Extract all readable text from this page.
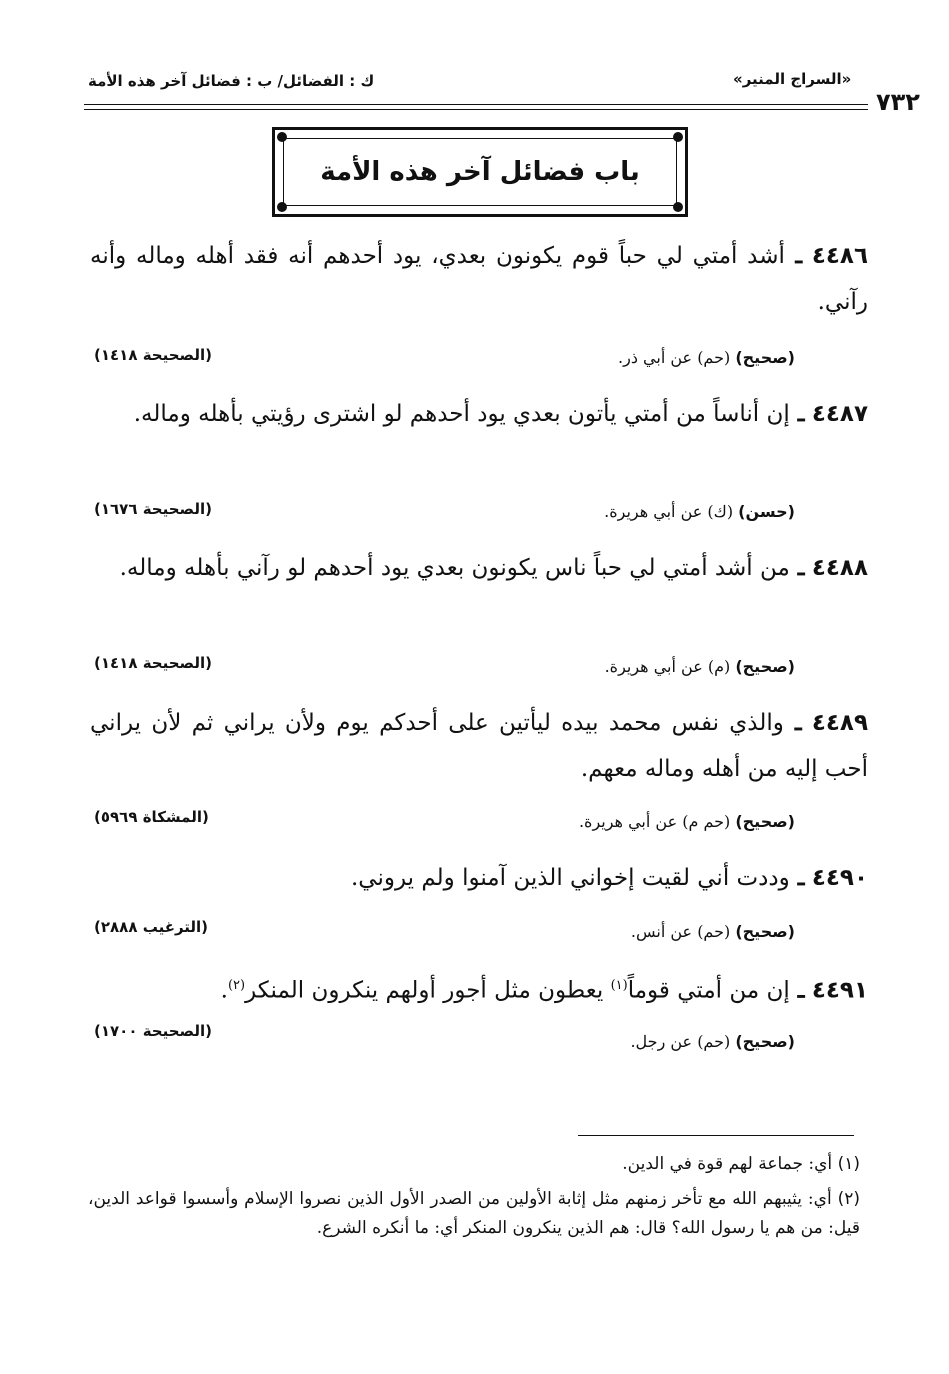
ك : الفضائل/ ب : فضائل آخر هذه الأمة	«السراج المنير»
٧٣٢
باب فضائل آخر هذه الأمة
٤٤٨٦ ـ أشد أمتي لي حباً قوم يكونون بعدي، يود أحدهم أنه فقد أهله وماله وأنه رآني.
(صحيح) (حم) عن أبي ذر.
(الصحيحة ١٤١٨)
٤٤٨٧ ـ إن أناساً من أمتي يأتون بعدي يود أحدهم لو اشترى رؤيتي بأهله وماله.
(حسن) (ك) عن أبي هريرة.
(الصحيحة ١٦٧٦)
٤٤٨٨ ـ من أشد أمتي لي حباً ناس يكونون بعدي يود أحدهم لو رآني بأهله وماله.
(صحيح) (م) عن أبي هريرة.
(الصحيحة ١٤١٨)
٤٤٨٩ ـ والذي نفس محمد بيده ليأتين على أحدكم يوم ولأن يراني ثم لأن يراني أحب إليه من أهله وماله معهم.
(صحيح) (حم م) عن أبي هريرة.
(المشكاة ٥٩٦٩)
٤٤٩٠ ـ وددت أني لقيت إخواني الذين آمنوا ولم يروني.
(صحيح) (حم) عن أنس.
(الترغيب ٢٨٨٨)
٤٤٩١ ـ إن من أمتي قوماً$^{(١)}$ يعطون مثل أجور أولهم ينكرون المنكر$^{(٢)}$.
(صحيح) (حم) عن رجل.
(الصحيحة ١٧٠٠)
(١) أي: جماعة لهم قوة في الدين.
(٢) أي: يثيبهم الله مع تأخر زمنهم مثل إثابة الأولين من الصدر الأول الذين نصروا الإسلام وأسسوا قواعد الدين، قيل: من هم يا رسول الله؟ قال: هم الذين ينكرون المنكر أي: ما أنكره الشرع.
